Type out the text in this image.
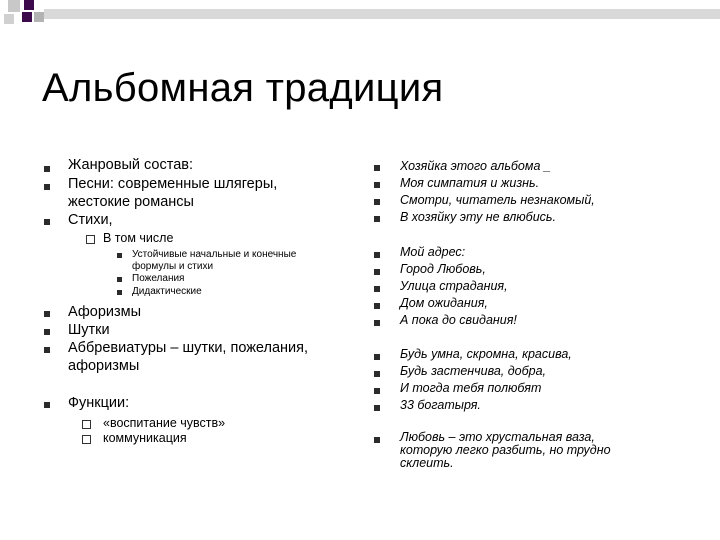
Альбомная традиция
Жанровый состав:
Песни: современные шлягеры,
жестокие романсы
Стихи,
В том числе
Устойчивые начальные и конечные
формулы и стихи
Пожелания
Дидактические
Афоризмы
Шутки
Аббревиатуры – шутки, пожелания,
афоризмы
Функции:
«воспитание чувств»
коммуникация
Хозяйка этого альбома _
Моя симпатия и жизнь.
Смотри, читатель незнакомый,
В хозяйку эту не влюбись.
Мой адрес:
Город Любовь,
Улица страдания,
Дом ожидания,
А пока до свидания!
Будь умна, скромна, красива,
Будь застенчива, добра,
И тогда тебя полюбят
33 богатыря.
Любовь – это хрустальная ваза,
которую легко разбить, но трудно
склеить.
